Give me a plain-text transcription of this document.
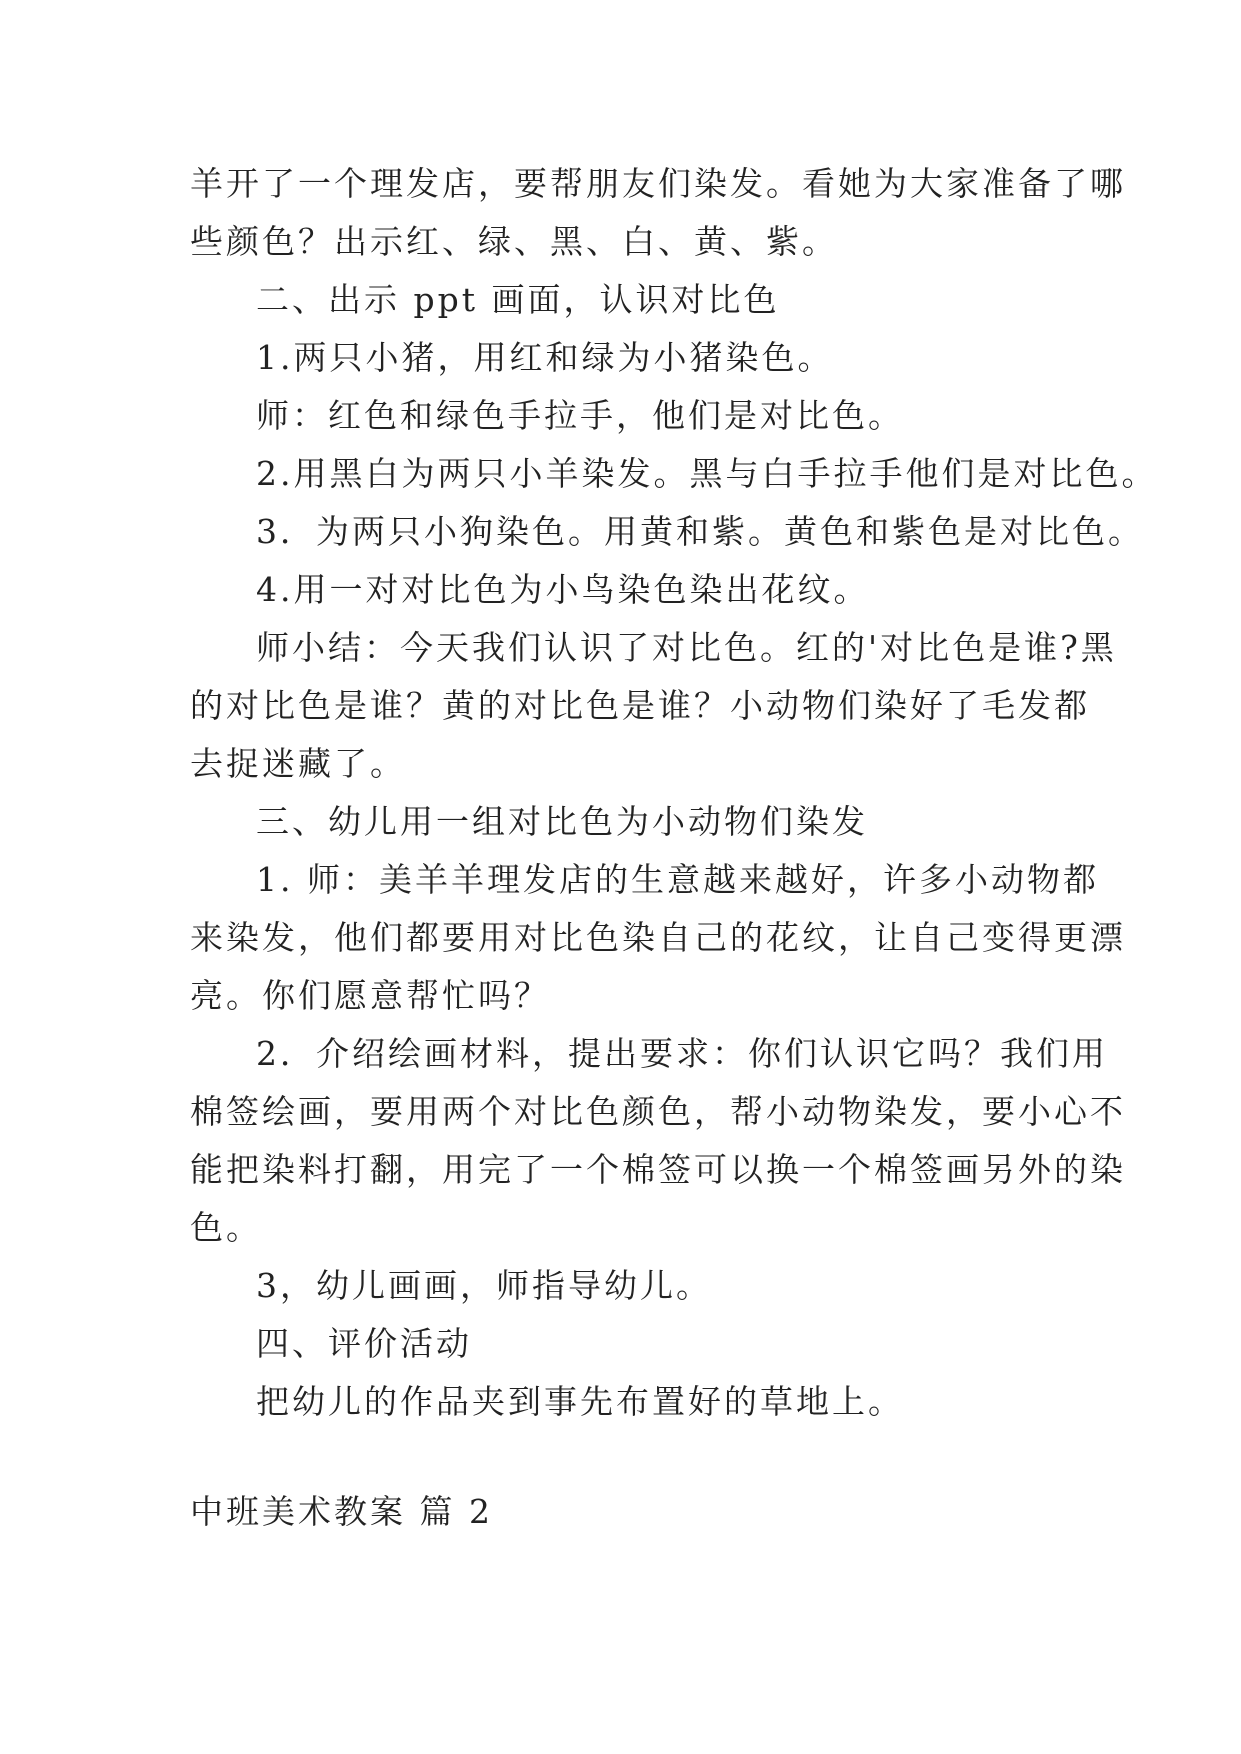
羊开了一个理发店，要帮朋友们染发。看她为大家准备了哪

些颜色？出示红、绿、黑、白、黄、紫。

二、出示 ppt 画面，认识对比色

1.两只小猪，用红和绿为小猪染色。

师：红色和绿色手拉手，他们是对比色。

2.用黑白为两只小羊染发。黑与白手拉手他们是对比色。

3．为两只小狗染色。用黄和紫。黄色和紫色是对比色。

4.用一对对比色为小鸟染色染出花纹。

师小结：今天我们认识了对比色。红的'对比色是谁?黑

的对比色是谁？黄的对比色是谁？小动物们染好了毛发都

去捉迷藏了。

三、幼儿用一组对比色为小动物们染发

1. 师：美羊羊理发店的生意越来越好，许多小动物都

来染发，他们都要用对比色染自己的花纹，让自己变得更漂

亮。你们愿意帮忙吗？

2．介绍绘画材料，提出要求：你们认识它吗？我们用

棉签绘画，要用两个对比色颜色，帮小动物染发，要小心不

能把染料打翻，用完了一个棉签可以换一个棉签画另外的染

色。

3，幼儿画画，师指导幼儿。

四、评价活动

把幼儿的作品夹到事先布置好的草地上。

中班美术教案 篇 2
